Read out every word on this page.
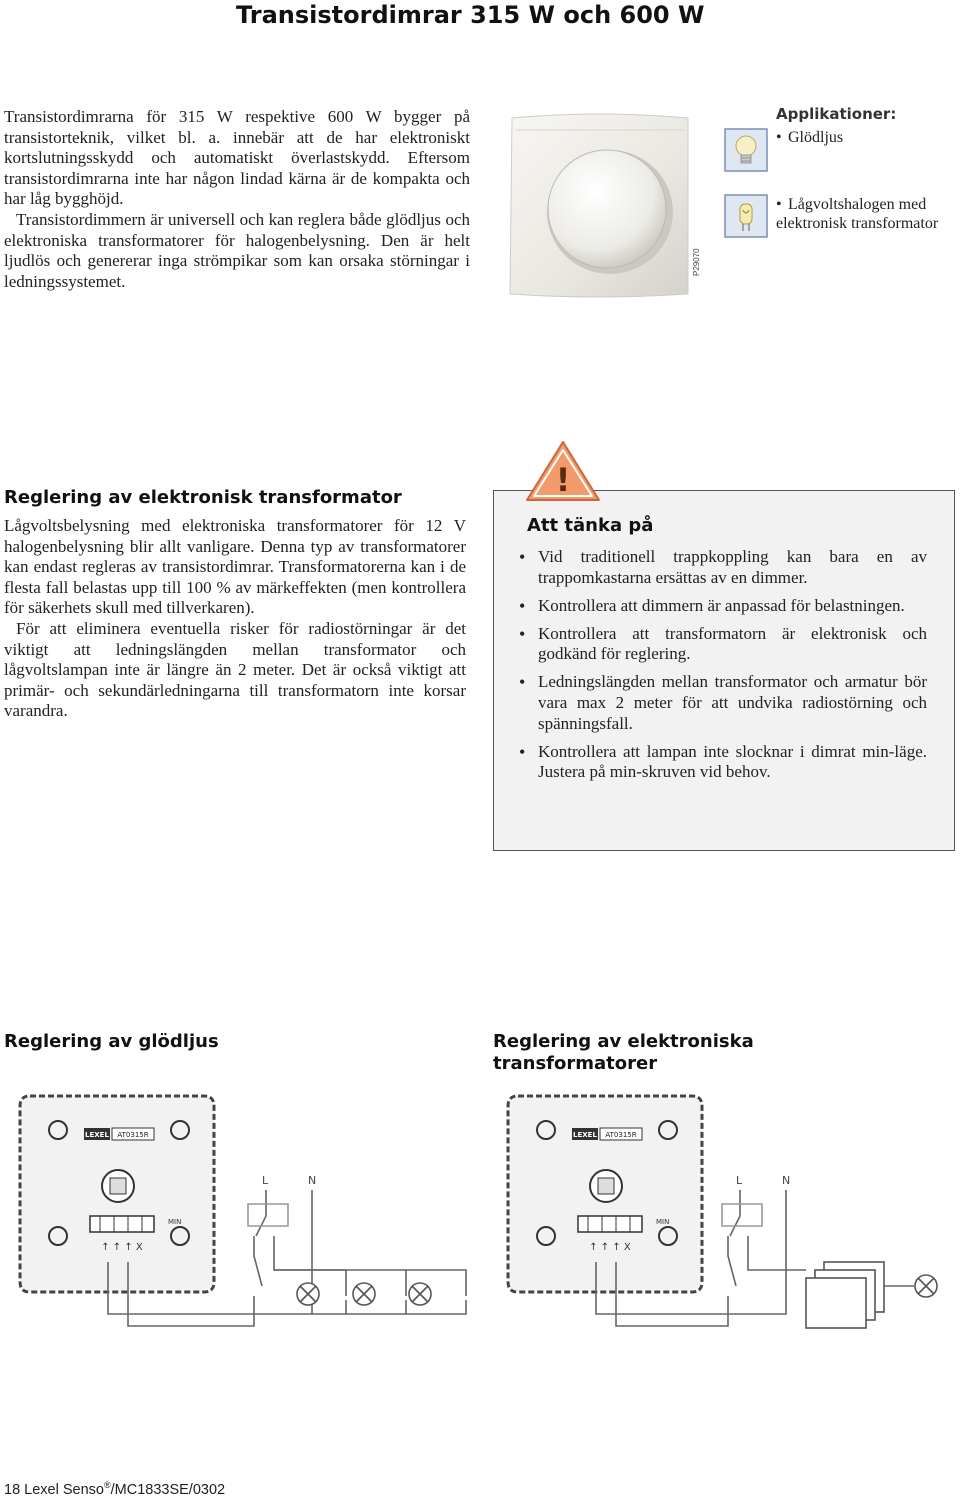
Transistordimrar 315 W och 600 W

Transistordimrarna för 315 W respektive 600 W bygger på transistorteknik, vilket bl. a. innebär att de har elektroniskt kortslutningsskydd och automatiskt överlastskydd. Eftersom transistordimrarna inte har någon lindad kärna är de kompakta och har låg bygghöjd.

Transistordimmern är universell och kan reglera både glödljus och elektroniska transformatorer för halogenbelysning. Den är helt ljudlös och genererar inga strömpikar som kan orsaka störningar i ledningssystemet.

P29070
Applikationer:
• Glödljus
• Lågvoltshalogen med elektronisk transformator
Reglering av elektronisk transformator

Lågvoltsbelysning med elektroniska transformatorer för 12 V halogenbelysning blir allt vanligare. Denna typ av transformatorer kan endast regleras av transistordimrar. Transformatorerna kan i de flesta fall belastas upp till 100 % av märkeffekten (men kontrollera för säkerhets skull med tillverkaren).

För att eliminera eventuella risker för radiostörningar är det viktigt att ledningslängden mellan transformator och lågvoltslampan inte är längre än 2 meter. Det är också viktigt att primär- och sekundärledningarna till transformatorn inte korsar varandra.

!
Att tänka på
• Vid traditionell trappkoppling kan bara en av trappomkastarna ersättas av en dimmer.
• Kontrollera att dimmern är anpassad för belastningen.
• Kontrollera att transformatorn är elektronisk och godkänd för reglering.
• Ledningslängden mellan transformator och armatur bör vara max 2 meter för att undvika radiostörning och spänningsfall.
• Kontrollera att lampan inte slocknar i dimrat min-läge. Justera på min-skruven vid behov.
Reglering av glödljus	Reglering av elektroniska transformatorer
LEXEL AT0315R
MIN
↑ ↑ ↑ X
L	N
LEXEL AT0315R
MIN
↑ ↑ ↑ X
L	N
18 Lexel Senso®/MC1833SE/0302
